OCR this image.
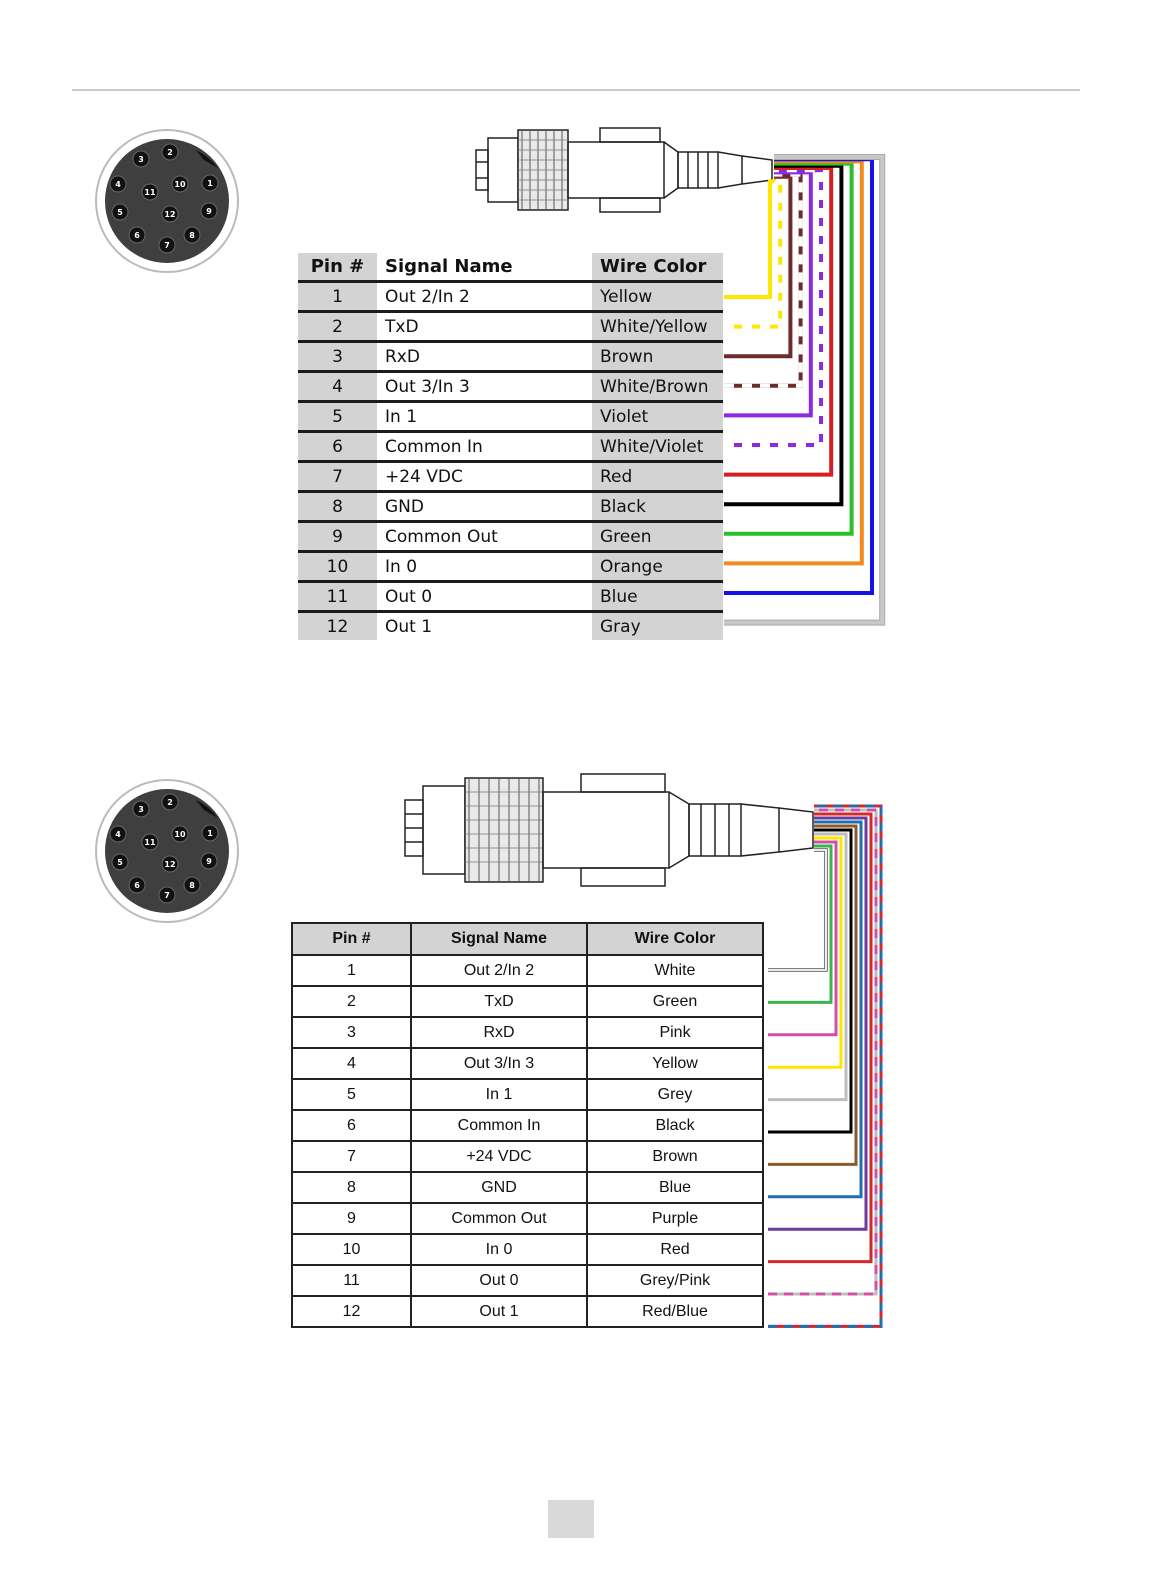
1
2
3
4
5
6
7
8
9
10
11
12
1
2
3
4
5
6
7
8
9
10
11
12
Pin #	Signal Name	Wire Color
1	Out 2/In 2	Yellow
2	TxD	White/Yellow
3	RxD	Brown
4	Out 3/In 3	White/Brown
5	In 1	Violet
6	Common In	White/Violet
7	+24 VDC	Red
8	GND	Black
9	Common Out	Green
10	In 0	Orange
11	Out 0	Blue
12	Out 1	Gray
Pin #	Signal Name	Wire Color
1	Out 2/In 2	White
2	TxD	Green
3	RxD	Pink
4	Out 3/In 3	Yellow
5	In 1	Grey
6	Common In	Black
7	+24 VDC	Brown
8	GND	Blue
9	Common Out	Purple
10	In 0	Red
11	Out 0	Grey/Pink
12	Out 1	Red/Blue
